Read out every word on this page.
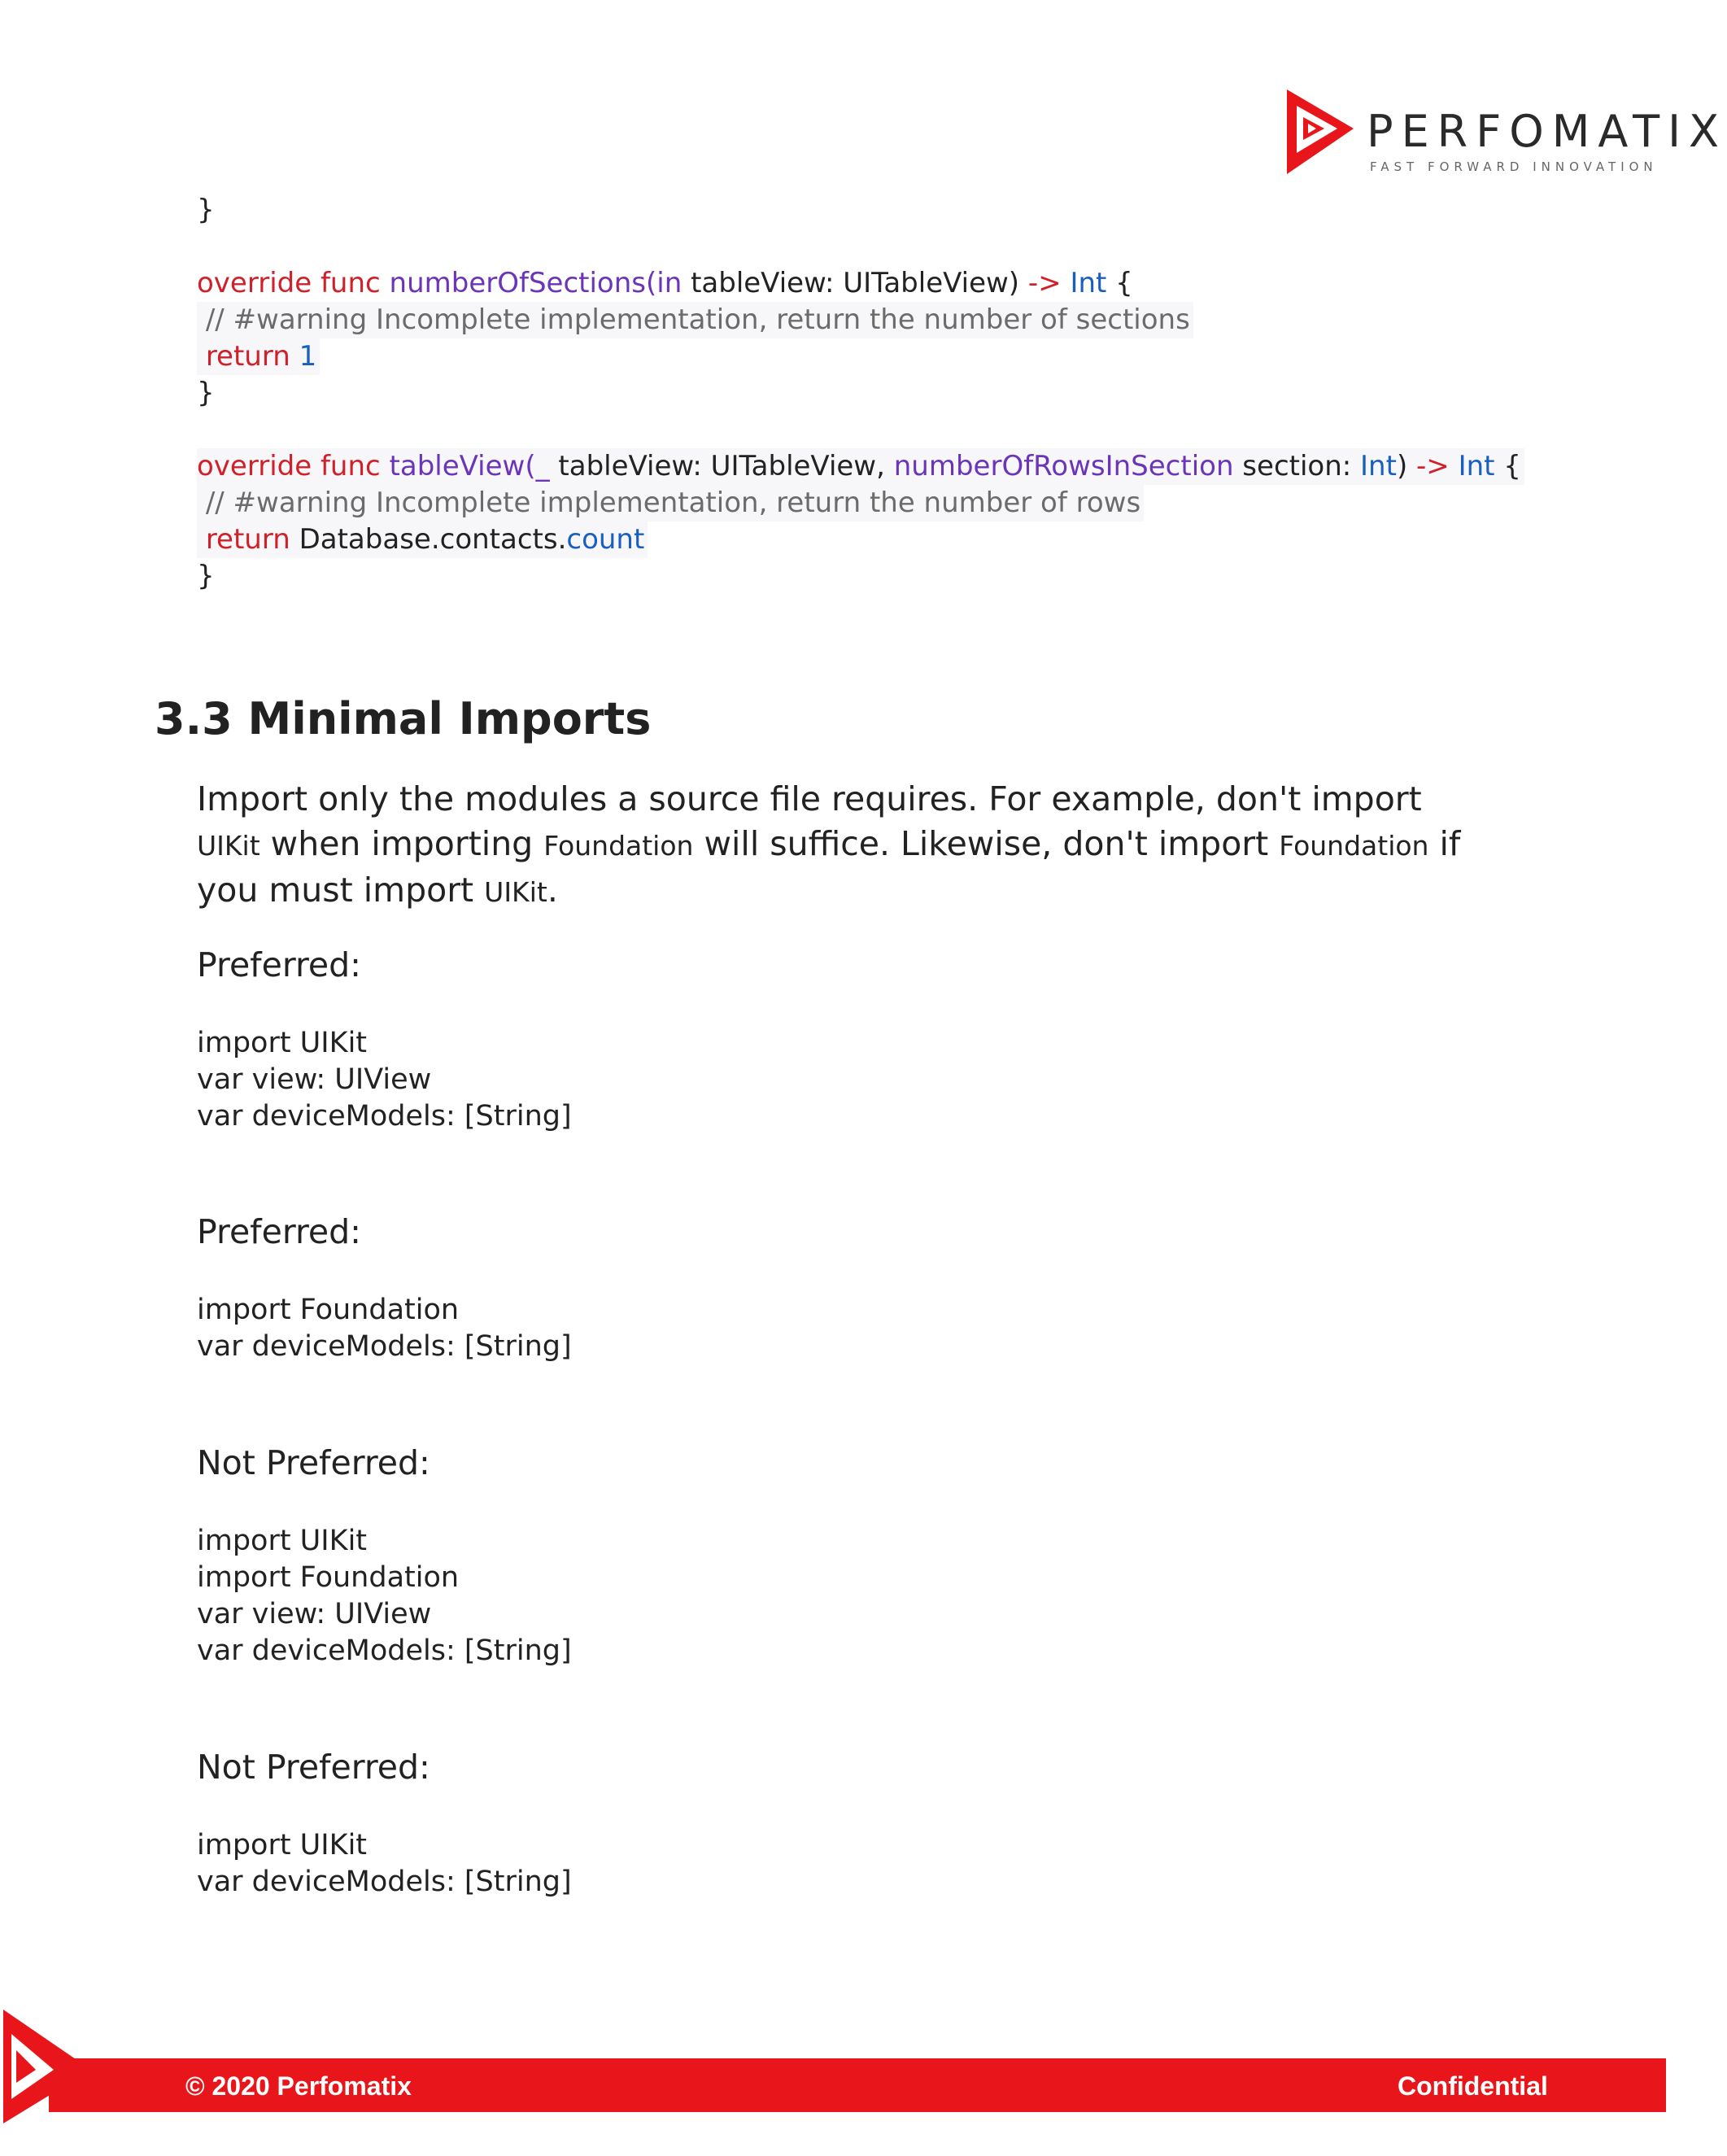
PERFOMATIX
FAST FORWARD INNOVATION
}
override func numberOfSections(in tableView: UITableView) -> Int {
// #warning Incomplete implementation, return the number of sections
return 1
}
override func tableView(_ tableView: UITableView, numberOfRowsInSection section: Int) -> Int {
// #warning Incomplete implementation, return the number of rows
return Database.contacts.count
}
3.3 Minimal Imports

Import only the modules a source file requires. For example, don't import UIKit when importing Foundation will suffice. Likewise, don't import Foundation if you must import UIKit.

Preferred:
import UIKit
var view: UIView
var deviceModels: [String]
Preferred:
import Foundation
var deviceModels: [String]
Not Preferred:
import UIKit
import Foundation
var view: UIView
var deviceModels: [String]
Not Preferred:
import UIKit
var deviceModels: [String]
© 2020 Perfomatix	Confidential
